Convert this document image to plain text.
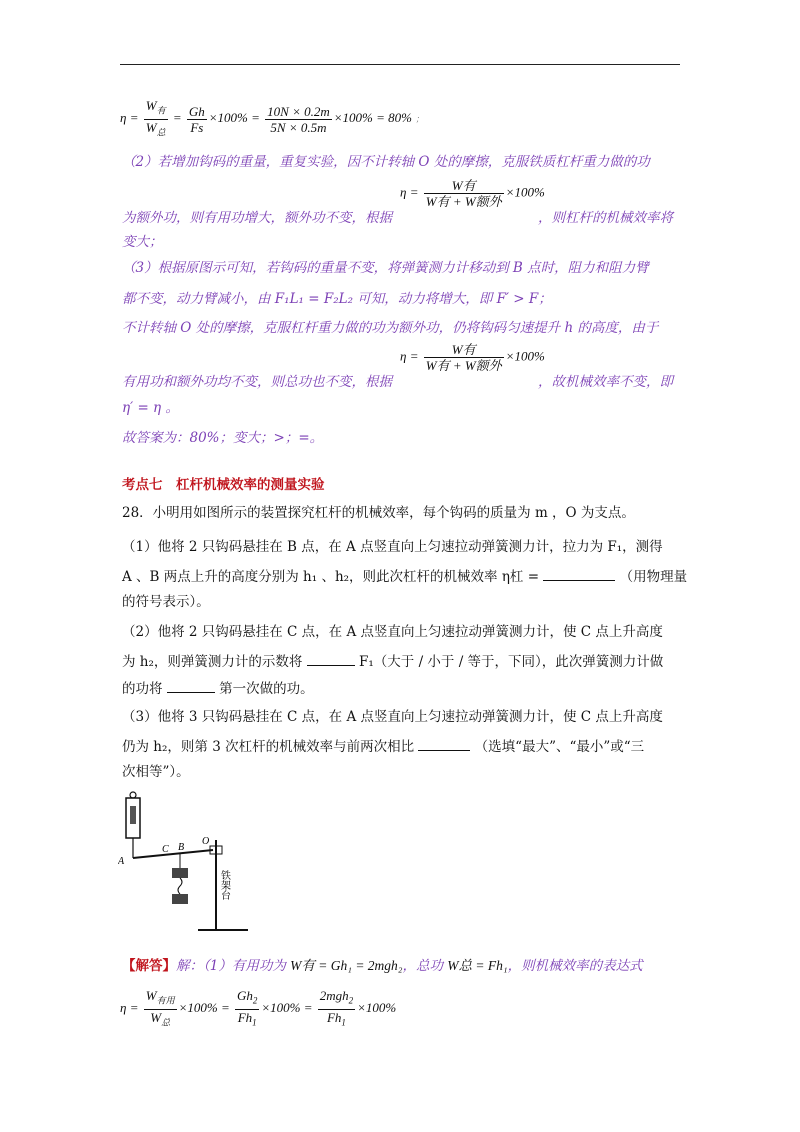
$\eta = \frac{W_有}{W_总} = \frac{Gh}{Fs} \times 100\% = \frac{10N \times 0.2m}{5N \times 0.5m} \times 100\% = 80\%$ ；
（2）若增加钩码的重量，重复实验，因不计转轴 O 处的摩擦，克服铁质杠杆重力做的功
$\eta = \frac{\text{W有}}{\text{W有 + W额外}} \times 100\%$
为额外功，则有用功增大，额外功不变，根据	，则杠杆的机械效率将
变大；
（3）根据原图示可知，若钩码的重量不变，将弹簧测力计移动到 B 点时，阻力和阻力臂
都不变，动力臂减小，由 F₁L₁ = F₂L₂ 可知，动力将增大，即 F′ > F；
不计转轴 O 处的摩擦，克服杠杆重力做的功为额外功，仍将钩码匀速提升 h 的高度，由于
$\eta = \frac{\text{W有}}{\text{W有 + W额外}} \times 100\%$
有用功和额外功均不变，则总功也不变，根据	，故机械效率不变，即
η′ = η 。
故答案为：80%；变大；>；=。
考点七　杠杆机械效率的测量实验
28．小明用如图所示的装置探究杠杆的机械效率，每个钩码的质量为 m ，O 为支点。
（1）他将 2 只钩码悬挂在 B 点，在 A 点竖直向上匀速拉动弹簧测力计，拉力为 F₁，测得
A 、B 两点上升的高度分别为 h₁ 、h₂，则此次杠杆的机械效率 η杠 =	（用物理量
的符号表示）。
（2）他将 2 只钩码悬挂在 C 点，在 A 点竖直向上匀速拉动弹簧测力计，使 C 点上升高度
为 h₂，则弹簧测力计的示数将	F₁（大于 / 小于 / 等于，下同），此次弹簧测力计做
的功将	第一次做的功。
（3）他将 3 只钩码悬挂在 C 点，在 A 点竖直向上匀速拉动弹簧测力计，使 C 点上升高度
仍为 h₂，则第 3 次杠杆的机械效率与前两次相比	（选填“最大”、“最小”或“三
次相等”）。
A
C B
O
铁架台
【解答】解：（1）有用功为 W有 = Gh₁ = 2mgh₂，总功 W总 = Fh₁，则机械效率的表达式
$\eta = \frac{W_{有用}}{W_总} \times 100\% = \frac{Gh_2}{Fh_1} \times 100\% = \frac{2mgh_2}{Fh_1} \times 100\%$
